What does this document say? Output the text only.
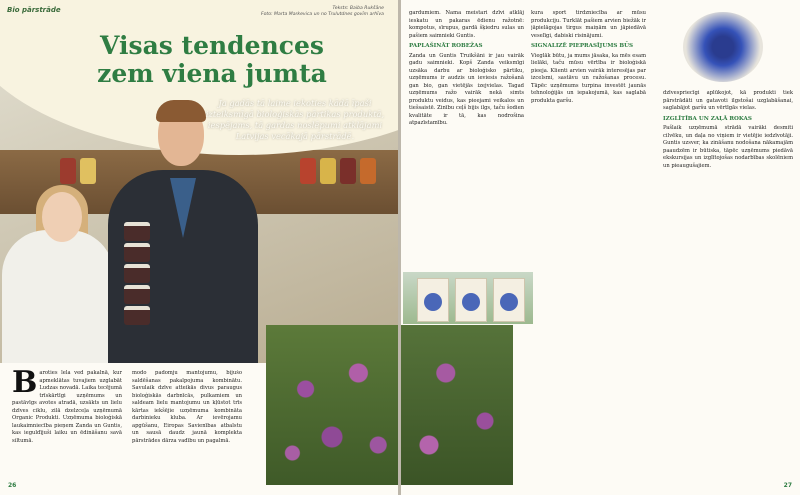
Bio pārstrāde	Teksts: Baiba Rukšāne
Foto: Marta Markevica un no Trulutdnes govīm arhīva
Visas tendences
zem viena jumta
Ja gadās tā laime iekoties kādā īpaši izteiksmīgā bioloģiskās pārtikas produktā, iespējams, tā gardas noslēpumi atklājami Latvijas vecākajā pārstrādē.
B aroties lela ved pakalnā, kur apmeklātas tuvajiem uzglabāt Ludzas novadā. Laika tecējumā trīskārtīgi uzņēmums un pastāvīgs avotes atradā, uzsākts un lielu dzīves ciklu, zilā dzelzceļa uzņēmumā Organic Produkti. Uzņēmuma bioloģiskā laukaimniecība pieņem Zanda un Guntis, kas ieguldījuši laiku un ēdināšanu savā siltumā.
modo padomju mantojumu, bijušo saldēšanas pakalpojuma kombinātu. Savulaik dzīve atteikās divus paraugus bioloģiskās darbnīcās, pulkamiem un saldeam lielu mantojumu un kļūstot trīs kārtas iekšējie uzņēmuma kombināta darbinieku kluba. Ar ievērojamu apgūšanu, Eiropas Savienības atbalstu un sausā daudz jaunā komplekta pārstrādes dārza vadību un pagalmā.
26
gardumiem. Nama meistari dzīvi atklāj ieskatu un pakaras ēdienu ražotnē: kompotus, sīrupus, gardā šķiedru sulas un pašiem saimnieki Guntis.
PAPLAŠINĀT ROBEŽAS
Zanda un Guntis Truikšāni ir jau vairāk gadu saimnieki. Kopš Zanda veiksmīgi uzsāka darbu ar bioloģisko pārtiku, uzņēmums ir audzis un ieviesis ražošanā gan bio, gan vietējās izejvielas. Tagad uzņēmums ražo vairāk nekā simts produktu veidus, kas pieejami veikalos un tiešsaistē. Zinību ceļš bijis ilgs, taču šodien kvalitāte ir tā, kas nodrošina atpazīstamību.
kura sport tirdzniecība ar mūsu produkciju. Turklāt pašiem arvien biežāk ir jāpielāgojas tirgus maiņām un jāpiedāvā veselīgi, dabiski risinājumi.
SIGNALIZĒ PIEPRASĪJUMS BŪS
Vieglāk būtu, ja mums jāsaka, ka mēs esam lielāki, taču mūsu vērtība ir bioloģiskā pieeja. Klienti arvien vairāk interesējas par izcelsmi, sastāvu un ražošanas procesu. Tāpēc uzņēmums turpina investēt jaunās tehnoloģijās un iepakojumā, kas saglabā produkta garšu.
dzīvespriecīgi aplūkojot, kā produkti tiek pārstrādāti un gatavoti ilgstošai uzglabāšanai, saglabājot garšu un vērtīgās vielas.
IZGLĪTĪBA UN ZAĻĀ ROKAS
Pašlaik uzņēmumā strādā vairāki desmiti cilvēku, un daļa no viņiem ir vietējie iedzīvotāji. Guntis uzsver, ka zināšanu nodošana nākamajām paaudzēm ir būtiska, tāpēc uzņēmums piedāvā ekskursijas un izglītojošas nodarbības skolēniem un pieaugušajiem.
27
